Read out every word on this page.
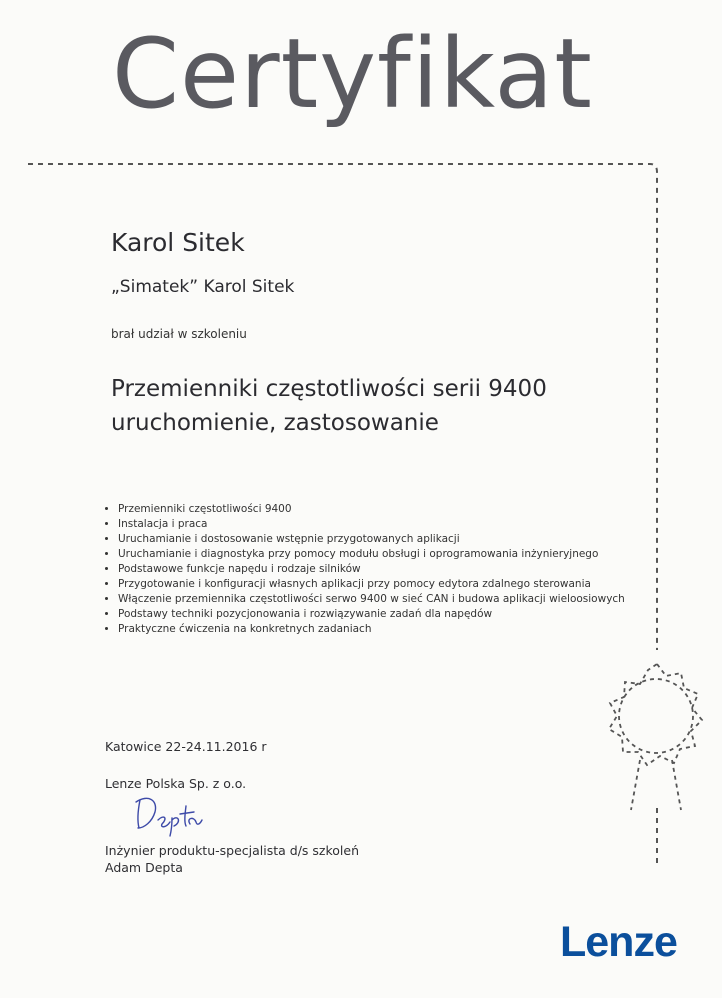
Certyfikat
Karol Sitek
„Simatek” Karol Sitek
brał udział w szkoleniu
Przemienniki częstotliwości serii 9400
uruchomienie, zastosowanie
• Przemienniki częstotliwości 9400
• Instalacja i praca
• Uruchamianie i dostosowanie wstępnie przygotowanych aplikacji
• Uruchamianie i diagnostyka przy pomocy modułu obsługi i oprogramowania inżynieryjnego
• Podstawowe funkcje napędu i rodzaje silników
• Przygotowanie i konfiguracji własnych aplikacji przy pomocy edytora zdalnego sterowania
• Włączenie przemiennika częstotliwości serwo 9400 w sieć CAN i budowa aplikacji wieloosiowych
• Podstawy techniki pozycjonowania i rozwiązywanie zadań dla napędów
• Praktyczne ćwiczenia na konkretnych zadaniach
Katowice 22-24.11.2016 r
Lenze Polska Sp. z o.o.
Inżynier produktu-specjalista d/s szkoleń
Adam Depta
Lenze
